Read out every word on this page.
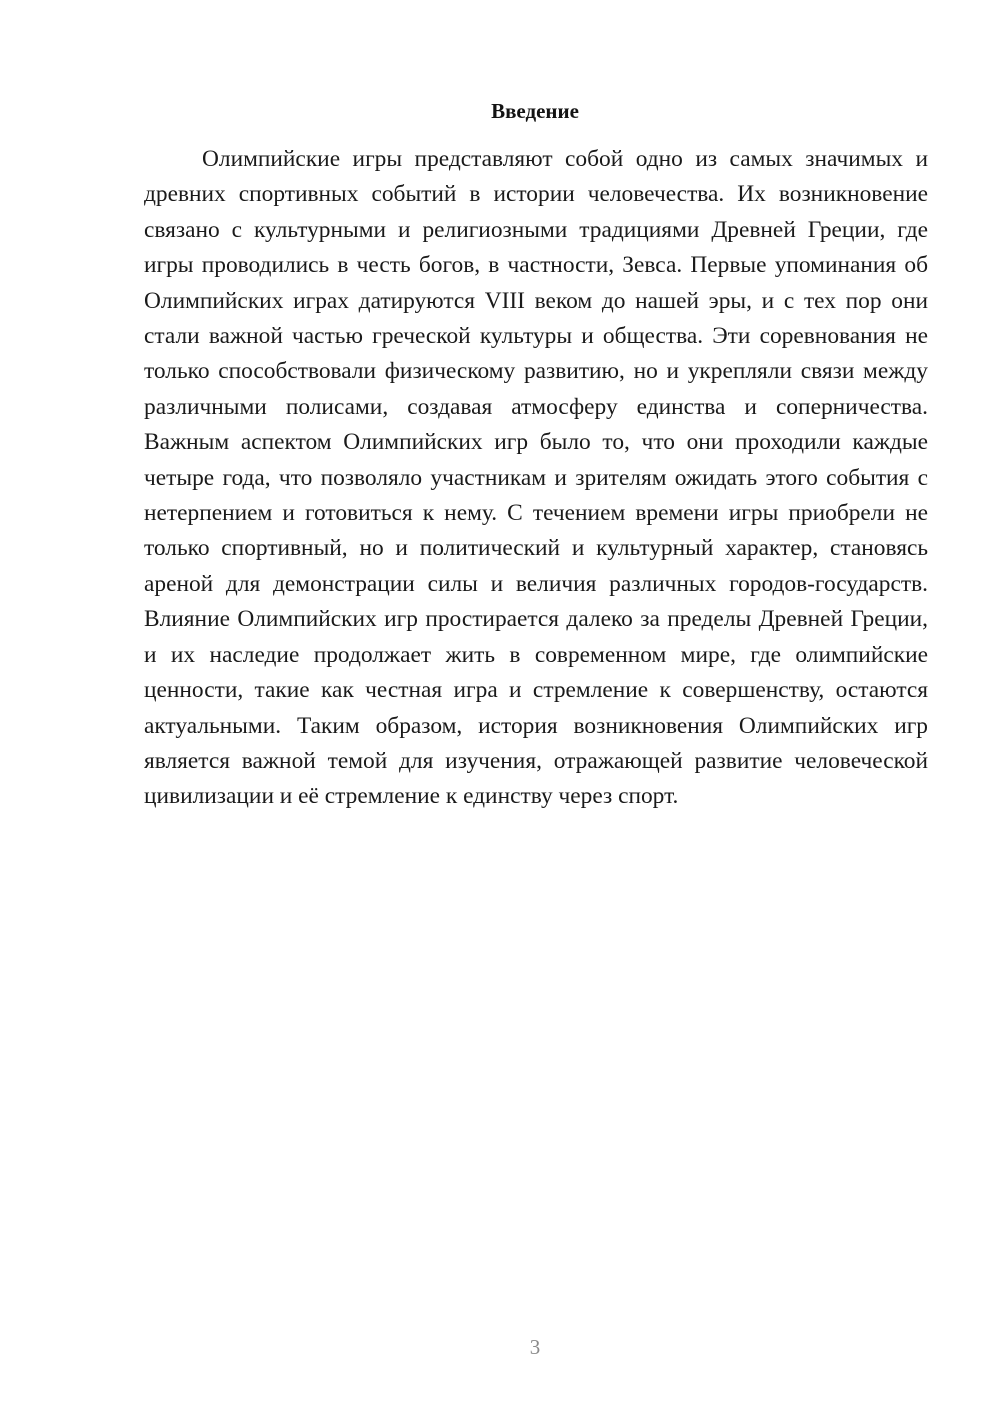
Введение

Олимпийские игры представляют собой одно из самых значимых и древних спортивных событий в истории человечества. Их возникновение связано с культурными и религиозными традициями Древней Греции, где игры проводились в честь богов, в частности, Зевса. Первые упоминания об Олимпийских играх датируются VIII веком до нашей эры, и с тех пор они стали важной частью греческой культуры и общества. Эти соревнования не только способствовали физическому развитию, но и укрепляли связи между различными полисами, создавая атмосферу единства и соперничества. Важным аспектом Олимпийских игр было то, что они проходили каждые четыре года, что позволяло участникам и зрителям ожидать этого события с нетерпением и готовиться к нему. С течением времени игры приобрели не только спортивный, но и политический и культурный характер, становясь ареной для демонстрации силы и величия различных городов-государств. Влияние Олимпийских игр простирается далеко за пределы Древней Греции, и их наследие продолжает жить в современном мире, где олимпийские ценности, такие как честная игра и стремление к совершенству, остаются актуальными. Таким образом, история возникновения Олимпийских игр является важной темой для изучения, отражающей развитие человеческой цивилизации и её стремление к единству через спорт.

3
